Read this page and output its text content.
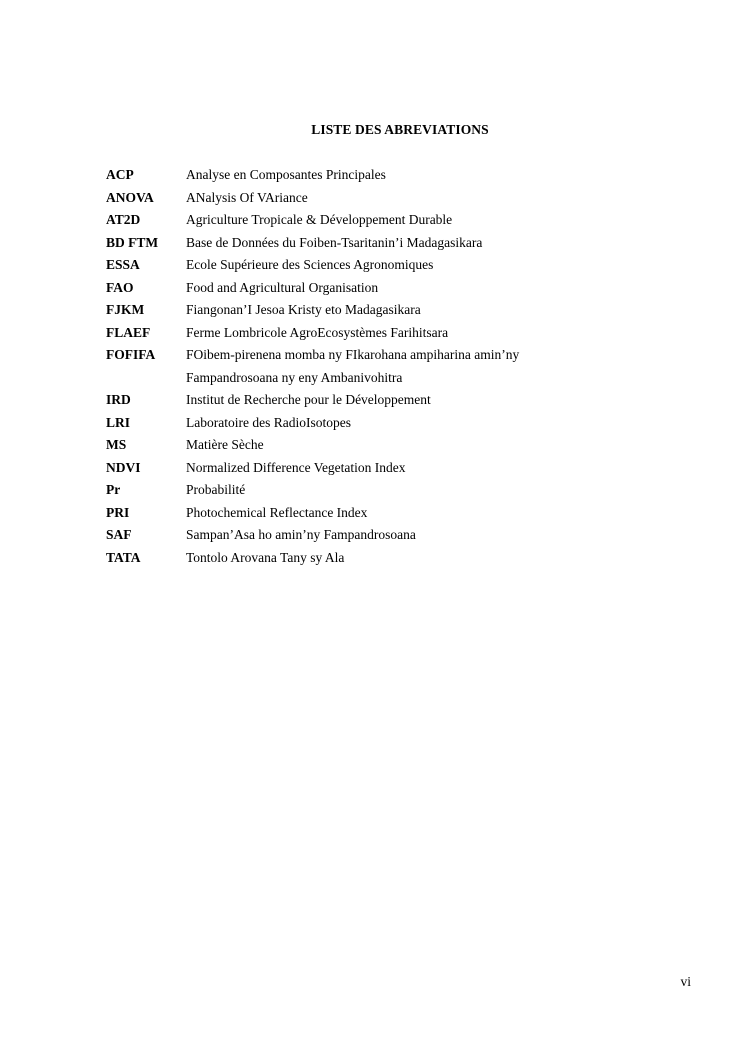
LISTE DES ABREVIATIONS
ACP	Analyse en Composantes Principales
ANOVA	ANalysis Of VAriance
AT2D	Agriculture Tropicale & Développement Durable
BD FTM	Base de Données du Foiben-Tsaritanin’i Madagasikara
ESSA	Ecole Supérieure des Sciences Agronomiques
FAO	Food and Agricultural Organisation
FJKM	Fiangonan’I Jesoa Kristy eto Madagasikara
FLAEF	Ferme Lombricole AgroEcosystèmes Farihitsara
FOFIFA	FOibem-pirenena momba ny FIkarohana ampiharina amin’ny
Fampandrosoana ny eny Ambanivohitra
IRD	Institut de Recherche pour le Développement
LRI	Laboratoire des RadioIsotopes
MS	Matière Sèche
NDVI	Normalized Difference Vegetation Index
Pr	Probabilité
PRI	Photochemical Reflectance Index
SAF	Sampan’Asa ho amin’ny Fampandrosoana
TATA	Tontolo Arovana Tany sy Ala
vi
